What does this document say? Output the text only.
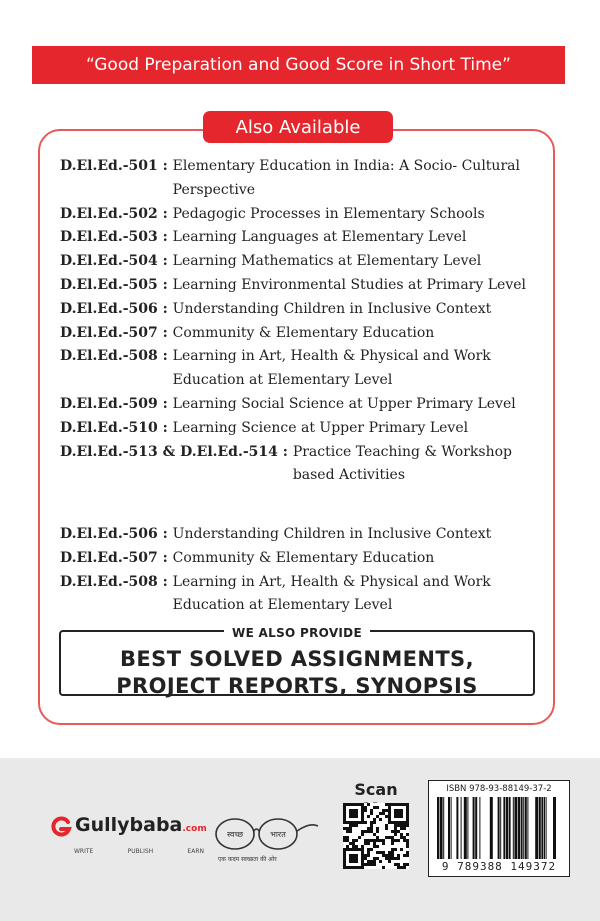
“Good Preparation and Good Score in Short Time”
Also Available
D.El.Ed.-501 : Elementary Education in India: A Socio- Cultural Perspective
D.El.Ed.-502 : Pedagogic Processes in Elementary Schools
D.El.Ed.-503 : Learning Languages at Elementary Level
D.El.Ed.-504 : Learning Mathematics at Elementary Level
D.El.Ed.-505 : Learning Environmental Studies at Primary Level
D.El.Ed.-506 : Understanding Children in Inclusive Context
D.El.Ed.-507 : Community & Elementary Education
D.El.Ed.-508 : Learning in Art, Health & Physical and Work Education at Elementary Level
D.El.Ed.-509 : Learning Social Science at Upper Primary Level
D.El.Ed.-510 : Learning Science at Upper Primary Level
D.El.Ed.-513 & D.El.Ed.-514 : Practice Teaching & Workshop based Activities
D.El.Ed.-506 : Understanding Children in Inclusive Context
D.El.Ed.-507 : Community & Elementary Education
D.El.Ed.-508 : Learning in Art, Health & Physical and Work Education at Elementary Level
WE ALSO PROVIDE
BEST SOLVED ASSIGNMENTS,
PROJECT REPORTS, SYNOPSIS
Gullybaba.com
WRITE	PUBLISH	EARN
स्वच्छ	भारत
एक कदम स्वच्छता की ओर
Scan	ISBN 978-93-88149-37-2
9 789388 149372
